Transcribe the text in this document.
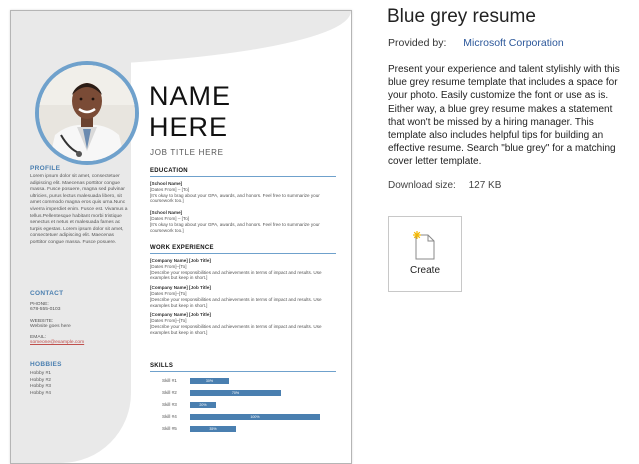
PROFILE
Lorem ipsum dolor sit amet, consectetuer adipiscing elit. Maecenas porttitor congue massa. Fusce posuere, magna sed pulvinar ultricies, purus lectus malesuada libero, sit amet commodo magna eros quis urna.Nunc viverra imperdiet enim. Fusce est. Vivamus a tellus.Pellentesque habitant morbi tristique senectus et netus et malesuada fames ac turpis egestas. Lorem ipsum dolor sit amet, consectetuer adipiscing elit. Maecenas porttitor congue massa. Fusce posuere.
CONTACT
PHONE:
678-555-0103
WEBSITE:
Website goes here
EMAIL:
someone@example.com
HOBBIES
Hobby #1
Hobby #2
Hobby #3
Hobby #4
NAME
HERE
JOB TITLE HERE
EDUCATION
[School Name]
[Dates From] – [To]
[It's okay to brag about your GPA, awards, and honors. Feel free to summarize your coursework too.]
[School Name]
[Dates From] – [To]
[It's okay to brag about your GPA, awards, and honors. Feel free to summarize your coursework too.]
WORK EXPERIENCE
[Company Name] [Job Title]
[Dates From]–[To]
[Describe your responsibilities and achievements in terms of impact and results. Use examples but keep in short.]
[Company Name] [Job Title]
[Dates From]–[To]
[Describe your responsibilities and achievements in terms of impact and results. Use examples but keep in short.]
[Company Name] [Job Title]
[Dates From]–[To]
[Describe your responsibilities and achievements in terms of impact and results. Use examples but keep in short.]
SKILLS
Skill #1	30%
Skill #2	70%
Skill #3	20%
Skill #4	100%
Skill #5	35%
Blue grey resume
Provided by: Microsoft Corporation
Present your experience and talent stylishly with this blue grey resume template that includes a space for your photo. Easily customize the font or use as is. Either way, a blue grey resume makes a statement that won't be missed by a hiring manager. This template also includes helpful tips for building an effective resume. Search "blue grey" for a matching cover letter template.
Download size: 127 KB
Create
